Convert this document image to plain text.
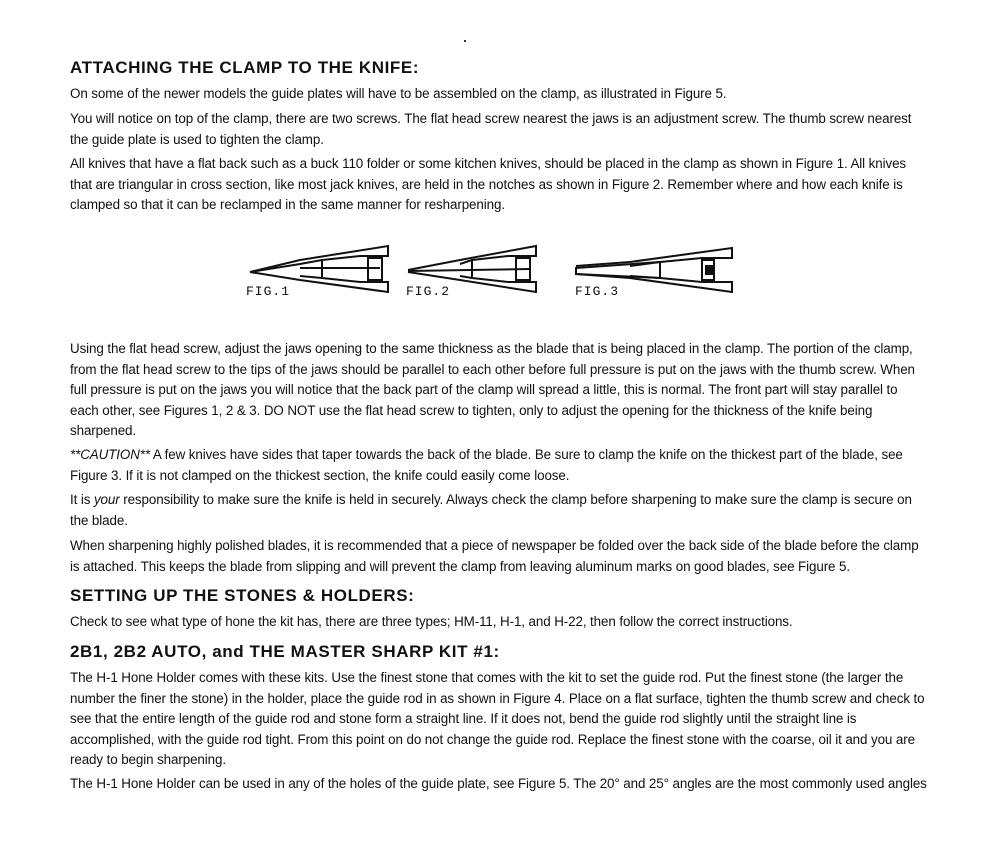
ATTACHING THE CLAMP TO THE KNIFE:

On some of the newer models the guide plates will have to be assembled on the clamp, as illustrated in Figure 5.

You will notice on top of the clamp, there are two screws. The flat head screw nearest the jaws is an adjustment screw. The thumb screw nearest the guide plate is used to tighten the clamp.

All knives that have a flat back such as a buck 110 folder or some kitchen knives, should be placed in the clamp as shown in Figure 1. All knives that are triangular in cross section, like most jack knives, are held in the notches as shown in Figure 2. Remember where and how each knife is clamped so that it can be reclamped in the same manner for resharpening.

FIG.1	FIG.2	FIG.3

Using the flat head screw, adjust the jaws opening to the same thickness as the blade that is being placed in the clamp. The portion of the clamp, from the flat head screw to the tips of the jaws should be parallel to each other before full pressure is put on the jaws with the thumb screw. When full pressure is put on the jaws you will notice that the back part of the clamp will spread a little, this is normal. The front part will stay parallel to each other, see Figures 1, 2 & 3. DO NOT use the flat head screw to tighten, only to adjust the opening for the thickness of the knife being sharpened.

**CAUTION** A few knives have sides that taper towards the back of the blade. Be sure to clamp the knife on the thickest part of the blade, see Figure 3. If it is not clamped on the thickest section, the knife could easily come loose.

It is your responsibility to make sure the knife is held in securely. Always check the clamp before sharpening to make sure the clamp is secure on the blade.

When sharpening highly polished blades, it is recommended that a piece of newspaper be folded over the back side of the blade before the clamp is attached. This keeps the blade from slipping and will prevent the clamp from leaving aluminum marks on good blades, see Figure 5.

SETTING UP THE STONES & HOLDERS:

Check to see what type of hone the kit has, there are three types; HM-11, H-1, and H-22, then follow the correct instructions.

2B1, 2B2 AUTO, and THE MASTER SHARP KIT #1:

The H-1 Hone Holder comes with these kits. Use the finest stone that comes with the kit to set the guide rod. Put the finest stone (the larger the number the finer the stone) in the holder, place the guide rod in as shown in Figure 4. Place on a flat surface, tighten the thumb screw and check to see that the entire length of the guide rod and stone form a straight line. If it does not, bend the guide rod slightly until the straight line is accomplished, with the guide rod tight. From this point on do not change the guide rod. Replace the finest stone with the coarse, oil it and you are ready to begin sharpening.

The H-1 Hone Holder can be used in any of the holes of the guide plate, see Figure 5. The 20° and 25° angles are the most commonly used angles
